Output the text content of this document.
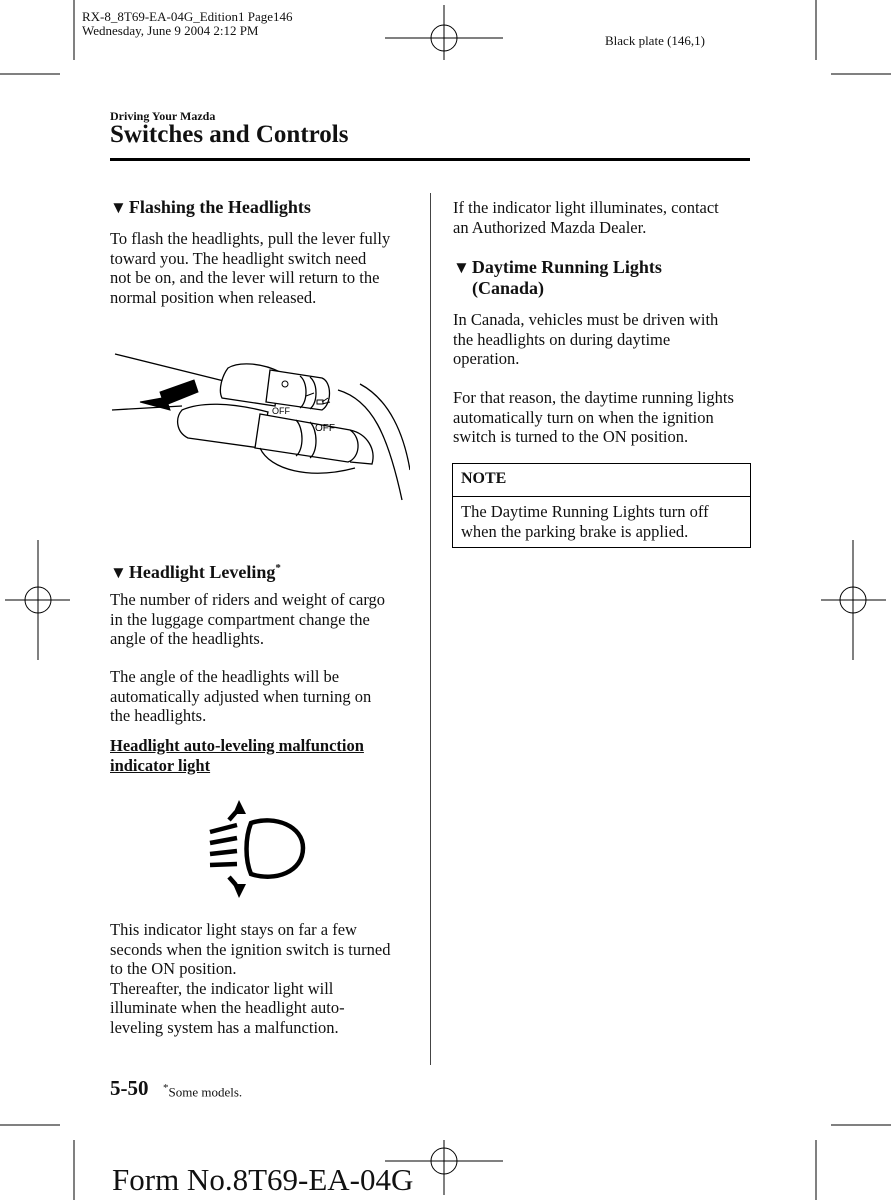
RX-8_8T69-EA-04G_Edition1 Page146
Wednesday, June 9 2004 2:12 PM
Black plate (146,1)
Driving Your Mazda
Switches and Controls
▼ Flashing the Headlights
To flash the headlights, pull the lever fully
toward you. The headlight switch need
not be on, and the lever will return to the
normal position when released.
OFF
OFF
▼ Headlight Leveling*
The number of riders and weight of cargo
in the luggage compartment change the
angle of the headlights.
The angle of the headlights will be
automatically adjusted when turning on
the headlights.
Headlight auto-leveling malfunction
indicator light
This indicator light stays on far a few
seconds when the ignition switch is turned
to the ON position.
Thereafter, the indicator light will
illuminate when the headlight auto-
leveling system has a malfunction.
If the indicator light illuminates, contact
an Authorized Mazda Dealer.
▼ Daytime Running Lights
(Canada)
In Canada, vehicles must be driven with
the headlights on during daytime
operation.
For that reason, the daytime running lights
automatically turn on when the ignition
switch is turned to the ON position.
NOTE
The Daytime Running Lights turn off
when the parking brake is applied.
5-50 *Some models.
Form No.8T69-EA-04G
